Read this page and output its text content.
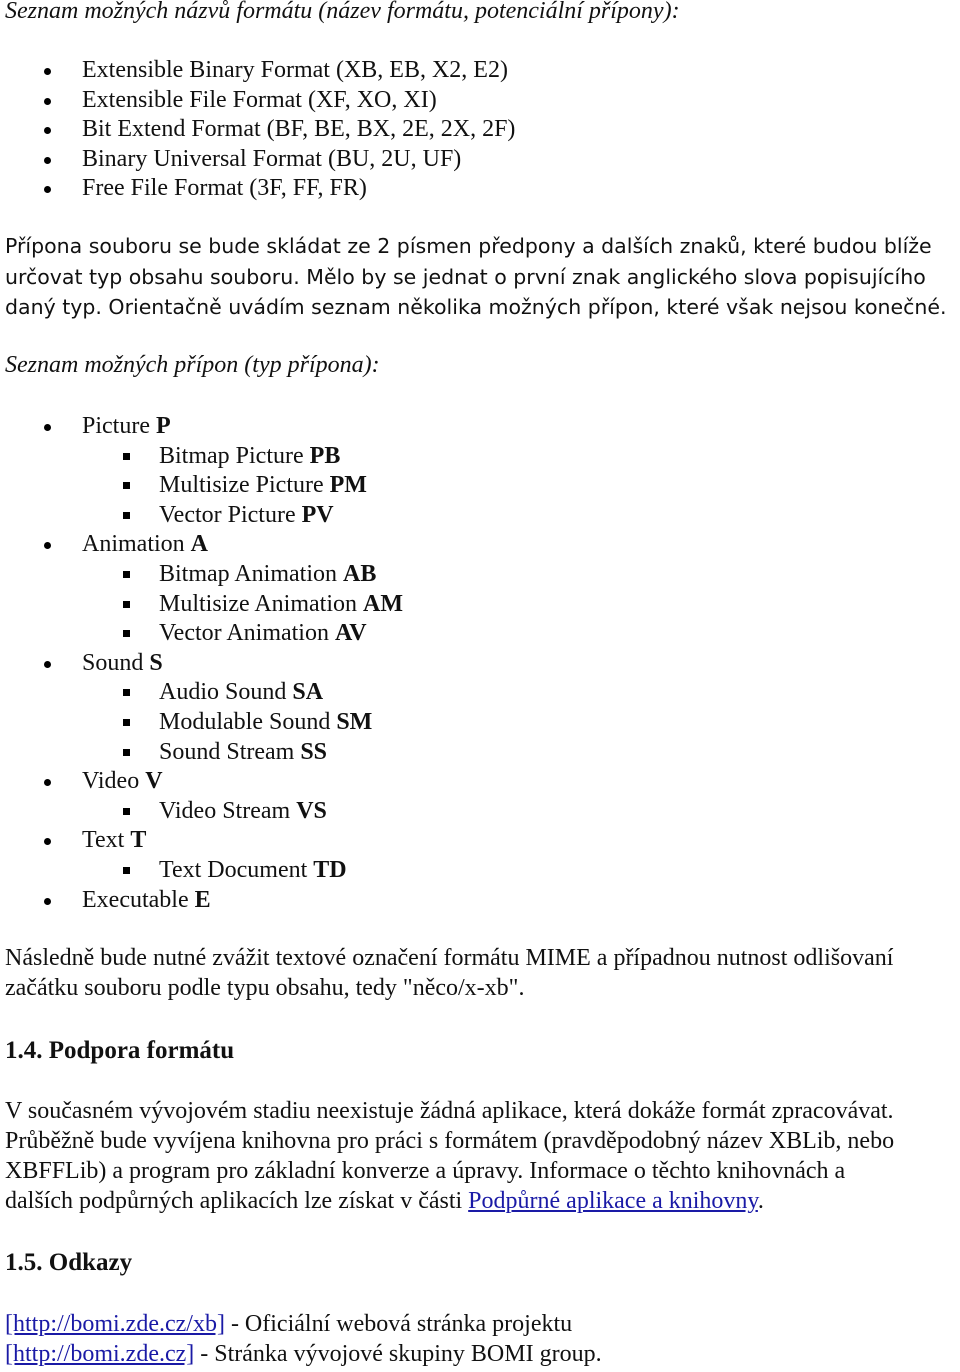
Seznam možných názvů formátu (název formátu, potenciální přípony):
Extensible Binary Format (XB, EB, X2, E2)
Extensible File Format (XF, XO, XI)
Bit Extend Format (BF, BE, BX, 2E, 2X, 2F)
Binary Universal Format (BU, 2U, UF)
Free File Format (3F, FF, FR)
Přípona souboru se bude skládat ze 2 písmen předpony a dalších znaků, které budou blíže
určovat typ obsahu souboru. Mělo by se jednat o první znak anglického slova popisujícího
daný typ. Orientačně uvádím seznam několika možných přípon, které však nejsou konečné.
Seznam možných přípon (typ přípona):
Picture P
Bitmap Picture PB
Multisize Picture PM
Vector Picture PV
Animation A
Bitmap Animation AB
Multisize Animation AM
Vector Animation AV
Sound S
Audio Sound SA
Modulable Sound SM
Sound Stream SS
Video V
Video Stream VS
Text T
Text Document TD
Executable E
Následně bude nutné zvážit textové označení formátu MIME a případnou nutnost odlišovaní
začátku souboru podle typu obsahu, tedy "něco/x-xb".
1.4. Podpora formátu
V současném vývojovém stadiu neexistuje žádná aplikace, která dokáže formát zpracovávat.
Průběžně bude vyvíjena knihovna pro práci s formátem (pravděpodobný název XBLib, nebo
XBFFLib) a program pro základní konverze a úpravy. Informace o těchto knihovnách a
dalších podpůrných aplikacích lze získat v části Podpůrné aplikace a knihovny.
1.5. Odkazy
[http://bomi.zde.cz/xb] - Oficiální webová stránka projektu
[http://bomi.zde.cz] - Stránka vývojové skupiny BOMI group.
